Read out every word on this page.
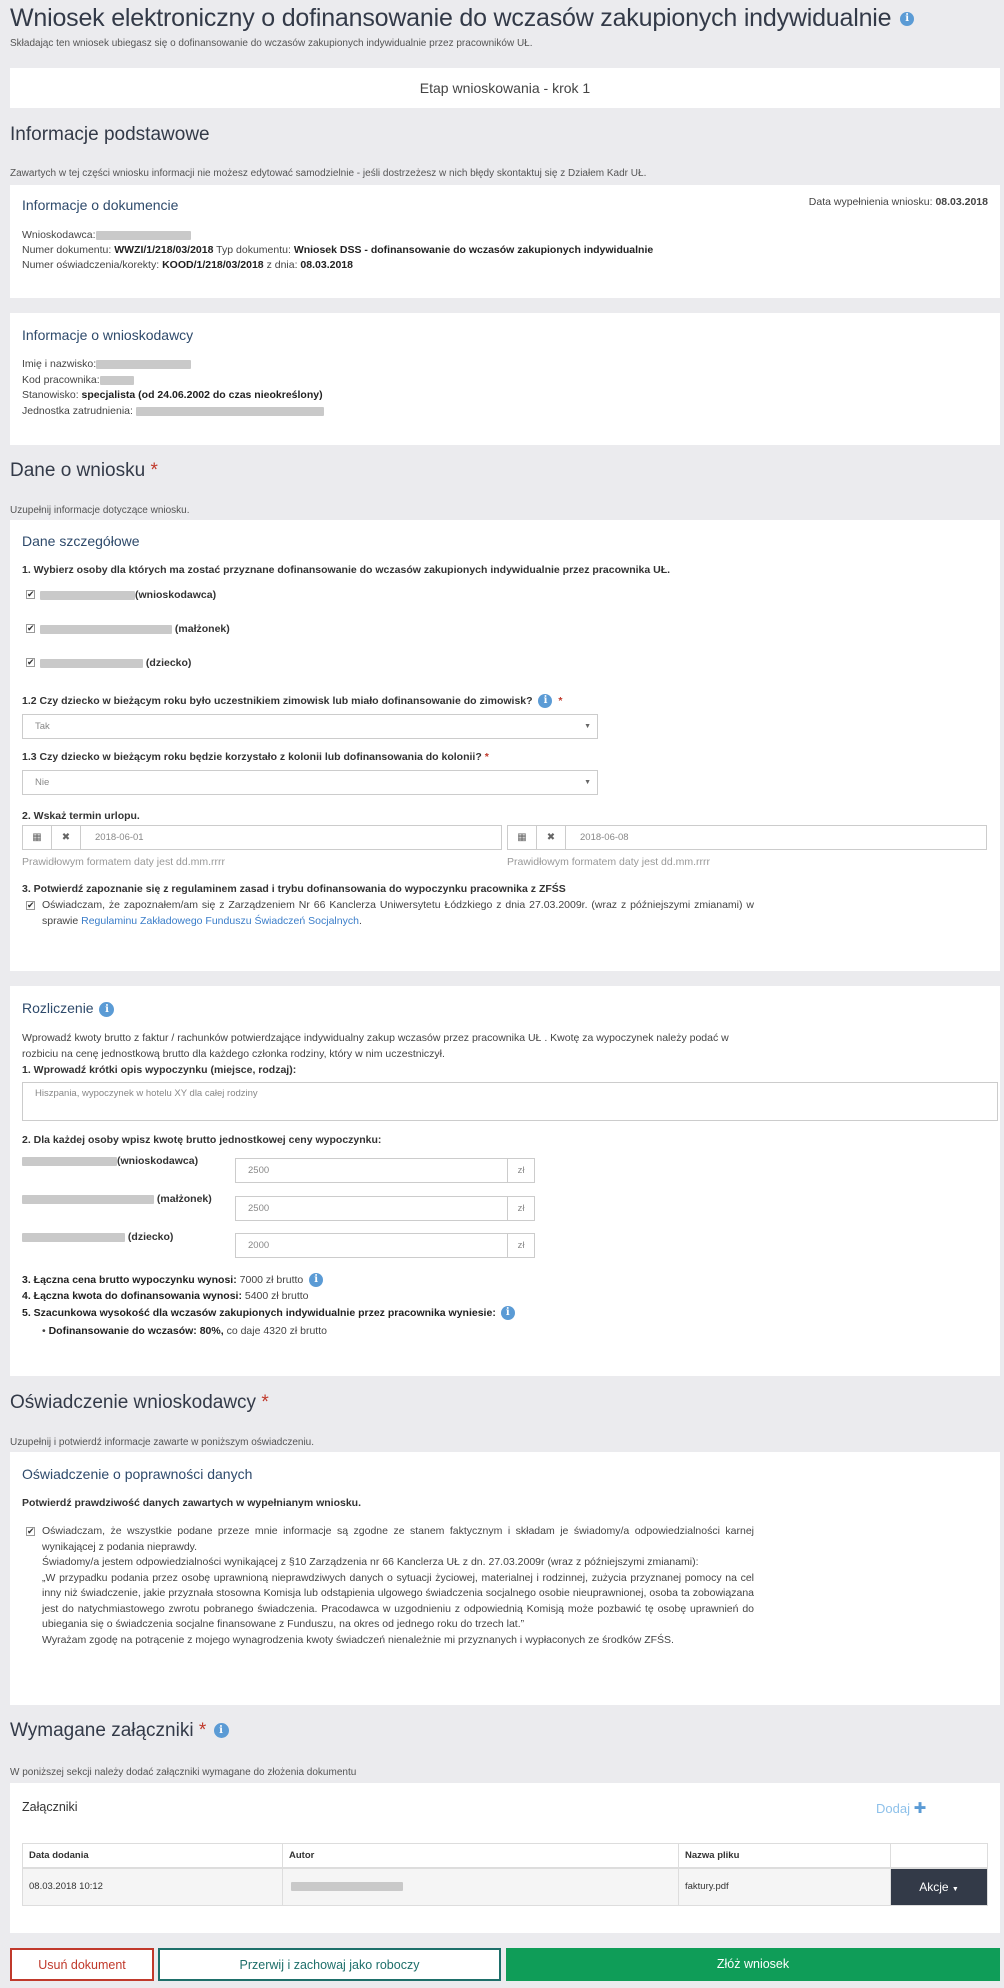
Wniosek elektroniczny o dofinansowanie do wczasów zakupionych indywidualnie i
Składając ten wniosek ubiegasz się o dofinansowanie do wczasów zakupionych indywidualnie przez pracowników UŁ.
Etap wnioskowania - krok 1
Informacje podstawowe
Zawartych w tej części wniosku informacji nie możesz edytować samodzielnie - jeśli dostrzeżesz w nich błędy skontaktuj się z Działem Kadr UŁ.
Informacje o dokumencie	Data wypełnienia wniosku: 08.03.2018
Wnioskodawca:
Numer dokumentu: WWZI/1/218/03/2018 Typ dokumentu: Wniosek DSS - dofinansowanie do wczasów zakupionych indywidualnie
Numer oświadczenia/korekty: KOOD/1/218/03/2018 z dnia: 08.03.2018
Informacje o wnioskodawcy
Imię i nazwisko:
Kod pracownika:
Stanowisko: specjalista (od 24.06.2002 do czas nieokreślony)
Jednostka zatrudnienia:
Dane o wniosku *
Uzupełnij informacje dotyczące wniosku.
Dane szczegółowe
1. Wybierz osoby dla których ma zostać przyznane dofinansowanie do wczasów zakupionych indywidualnie przez pracownika UŁ.
✔	(wnioskodawca)
✔	(małżonek)
✔	(dziecko)
1.2 Czy dziecko w bieżącym roku było uczestnikiem zimowisk lub miało dofinansowanie do zimowisk? i *
Tak	▼
1.3 Czy dziecko w bieżącym roku będzie korzystało z kolonii lub dofinansowania do kolonii? *
Nie	▼
2. Wskaż termin urlopu.
▦	✖	2018-06-01
Prawidłowym formatem daty jest dd.mm.rrrr
▦	✖	2018-06-08
Prawidłowym formatem daty jest dd.mm.rrrr
3. Potwierdź zapoznanie się z regulaminem zasad i trybu dofinansowania do wypoczynku pracownika z ZFŚS
✔ Oświadczam, że zapoznałem/am się z Zarządzeniem Nr 66 Kanclerza Uniwersytetu Łódzkiego z dnia 27.03.2009r. (wraz z późniejszymi zmianami) w sprawie Regulaminu Zakładowego Funduszu Świadczeń Socjalnych.
Rozliczenie i
Wprowadź kwoty brutto z faktur / rachunków potwierdzające indywidualny zakup wczasów przez pracownika UŁ . Kwotę za wypoczynek należy podać w rozbiciu na cenę jednostkową brutto dla każdego członka rodziny, który w nim uczestniczył.
1. Wprowadź krótki opis wypoczynku (miejsce, rodzaj):
Hiszpania, wypoczynek w hotelu XY dla całej rodziny
2. Dla każdej osoby wpisz kwotę brutto jednostkowej ceny wypoczynku:
(wnioskodawca)
2500	zł
(małżonek)
2500	zł
(dziecko)
2000	zł
3. Łączna cena brutto wypoczynku wynosi: 7000 zł brutto i
4. Łączna kwota do dofinansowania wynosi: 5400 zł brutto
5. Szacunkowa wysokość dla wczasów zakupionych indywidualnie przez pracownika wyniesie: i
• Dofinansowanie do wczasów: 80%, co daje 4320 zł brutto
Oświadczenie wnioskodawcy *
Uzupełnij i potwierdź informacje zawarte w poniższym oświadczeniu.
Oświadczenie o poprawności danych
Potwierdź prawdziwość danych zawartych w wypełnianym wniosku.
✔ Oświadczam, że wszystkie podane przeze mnie informacje są zgodne ze stanem faktycznym i składam je świadomy/a odpowiedzialności karnej wynikającej z podania nieprawdy.
Świadomy/a jestem odpowiedzialności wynikającej z §10 Zarządzenia nr 66 Kanclerza UŁ z dn. 27.03.2009r (wraz z późniejszymi zmianami):
„W przypadku podania przez osobę uprawnioną nieprawdziwych danych o sytuacji życiowej, materialnej i rodzinnej, zużycia przyznanej pomocy na cel inny niż świadczenie, jakie przyznała stosowna Komisja lub odstąpienia ulgowego świadczenia socjalnego osobie nieuprawnionej, osoba ta zobowiązana jest do natychmiastowego zwrotu pobranego świadczenia. Pracodawca w uzgodnieniu z odpowiednią Komisją może pozbawić tę osobę uprawnień do ubiegania się o świadczenia socjalne finansowane z Funduszu, na okres od jednego roku do trzech lat.”
Wyrażam zgodę na potrącenie z mojego wynagrodzenia kwoty świadczeń nienależnie mi przyznanych i wypłaconych ze środków ZFŚS.
Wymagane załączniki * i
W poniższej sekcji należy dodać załączniki wymagane do złożenia dokumentu
Załączniki	Dodaj ✚
Data dodania	Autor	Nazwa pliku	
08.03.2018 10:12		faktury.pdf	Akcje ▼
Usuń dokument	Przerwij i zachowaj jako roboczy	Złóż wniosek
